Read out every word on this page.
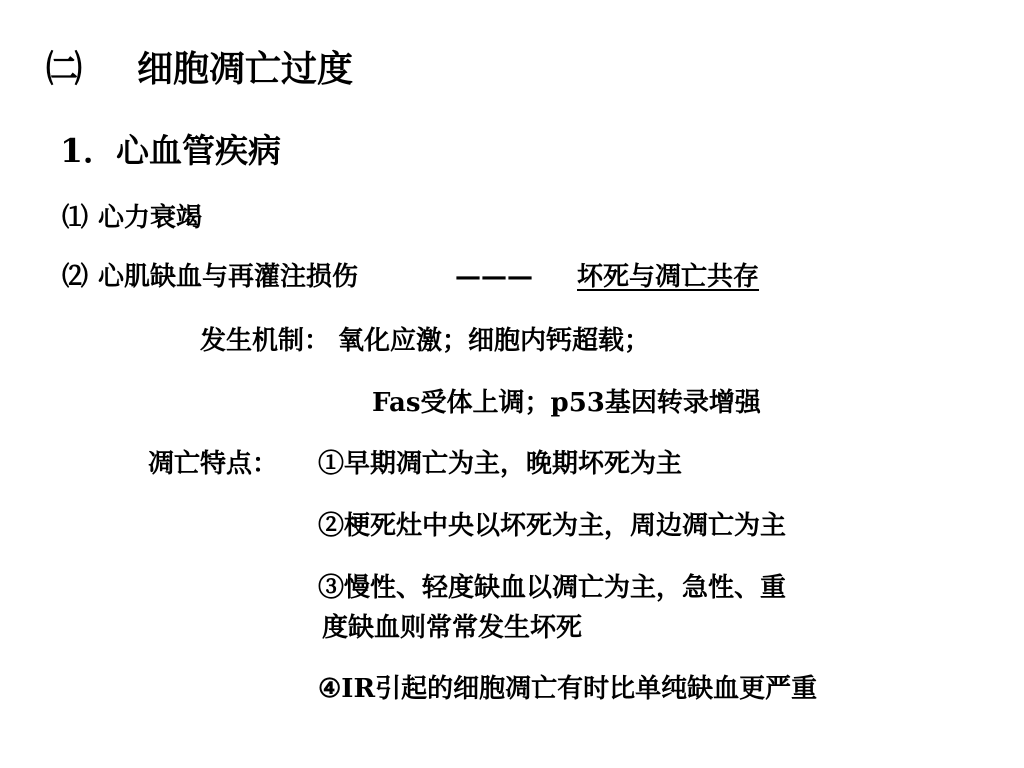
㈡ 细胞凋亡过度
1．心血管疾病
⑴ 心力衰竭
⑵ 心肌缺血与再灌注损伤	———	坏死与凋亡共存
发生机制： 氧化应激；细胞内钙超载；
Fas受体上调；p53基因转录增强
凋亡特点： ①早期凋亡为主，晚期坏死为主
②梗死灶中央以坏死为主，周边凋亡为主
③慢性、轻度缺血以凋亡为主，急性、重
度缺血则常常发生坏死
④IR引起的细胞凋亡有时比单纯缺血更严重
